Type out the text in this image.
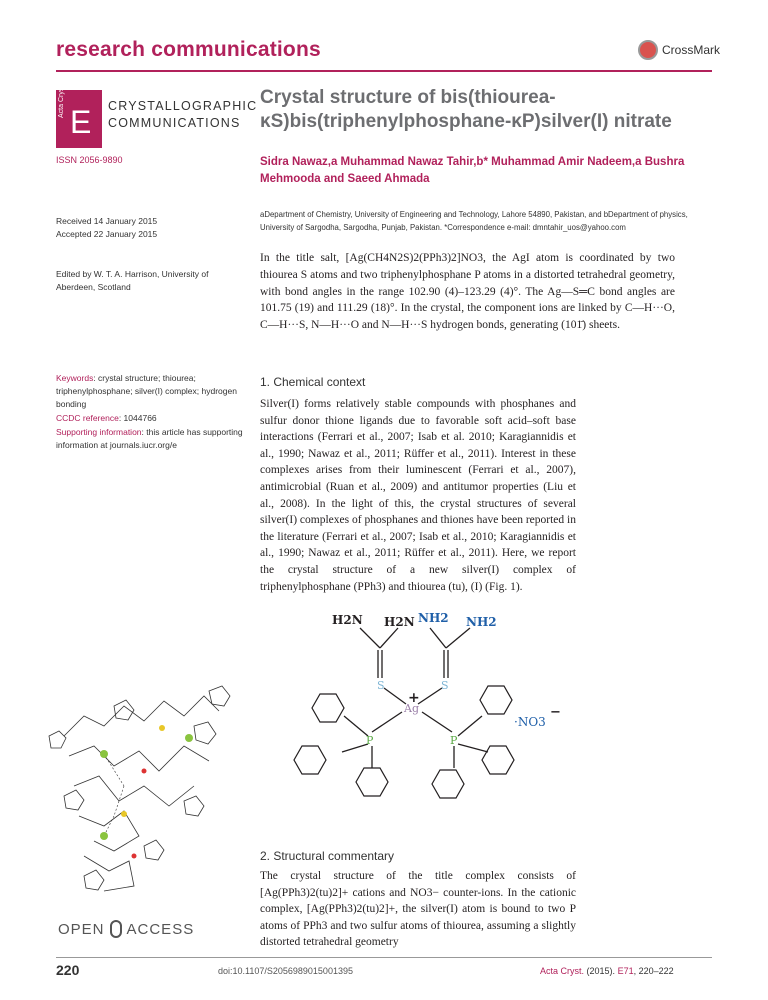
research communications	CrossMark
Acta Cryst
E CRYSTALLOGRAPHIC
COMMUNICATIONS
ISSN 2056-9890
Crystal structure of bis(thiourea-κS)bis(triphenylphosphane-κP)silver(I) nitrate
Sidra Nawaz,a Muhammad Nawaz Tahir,b* Muhammad Amir Nadeem,a Bushra Mehmooda and Saeed Ahmada
aDepartment of Chemistry, University of Engineering and Technology, Lahore 54890, Pakistan, and bDepartment of physics, University of Sargodha, Sargodha, Punjab, Pakistan. *Correspondence e-mail: dmntahir_uos@yahoo.com
Received 14 January 2015
Accepted 22 January 2015
Edited by W. T. A. Harrison, University of Aberdeen, Scotland
Keywords: crystal structure; thiourea; triphenylphosphane; silver(I) complex; hydrogen bonding
CCDC reference: 1044766
Supporting information: this article has supporting information at journals.iucr.org/e
In the title salt, [Ag(CH4N2S)2(PPh3)2]NO3, the AgI atom is coordinated by two thiourea S atoms and two triphenylphosphane P atoms in a distorted tetrahedral geometry, with bond angles in the range 102.90 (4)–123.29 (4)°. The Ag—S═C bond angles are 101.75 (19) and 111.29 (18)°. In the crystal, the component ions are linked by C—H···O, C—H···S, N—H···O and N—H···S hydrogen bonds, generating (101̄) sheets.
1. Chemical context
Silver(I) forms relatively stable compounds with phosphanes and sulfur donor thione ligands due to favorable soft acid–soft base interactions (Ferrari et al., 2007; Isab et al. 2010; Karagiannidis et al., 1990; Nawaz et al., 2011; Rüffer et al., 2011). Interest in these complexes arises from their luminescent (Ferrari et al., 2007), antimicrobial (Ruan et al., 2009) and antitumor properties (Liu et al., 2008). In the light of this, the crystal structures of several silver(I) complexes of phosphanes and thiones have been reported in the literature (Ferrari et al., 2007; Isab et al., 2010; Karagiannidis et al., 1990; Nawaz et al., 2011; Rüffer et al., 2011). Here, we report the crystal structure of a new silver(I) complex of triphenylphosphane (PPh3) and thiourea (tu), (I) (Fig. 1).
H2N H2N NH2 NH2
S	S
Ag
+
P	P
·NO3
−
2. Structural commentary
The crystal structure of the title complex consists of [Ag(PPh3)2(tu)2]+ cations and NO3− counter-ions. In the cationic complex, [Ag(PPh3)2(tu)2]+, the silver(I) atom is bound to two P atoms of PPh3 and two sulfur atoms of thiourea, assuming a slightly distorted tetrahedral geometry
OPEN ACCESS
220	doi:10.1107/S2056989015001395	Acta Cryst. (2015). E71, 220–222
